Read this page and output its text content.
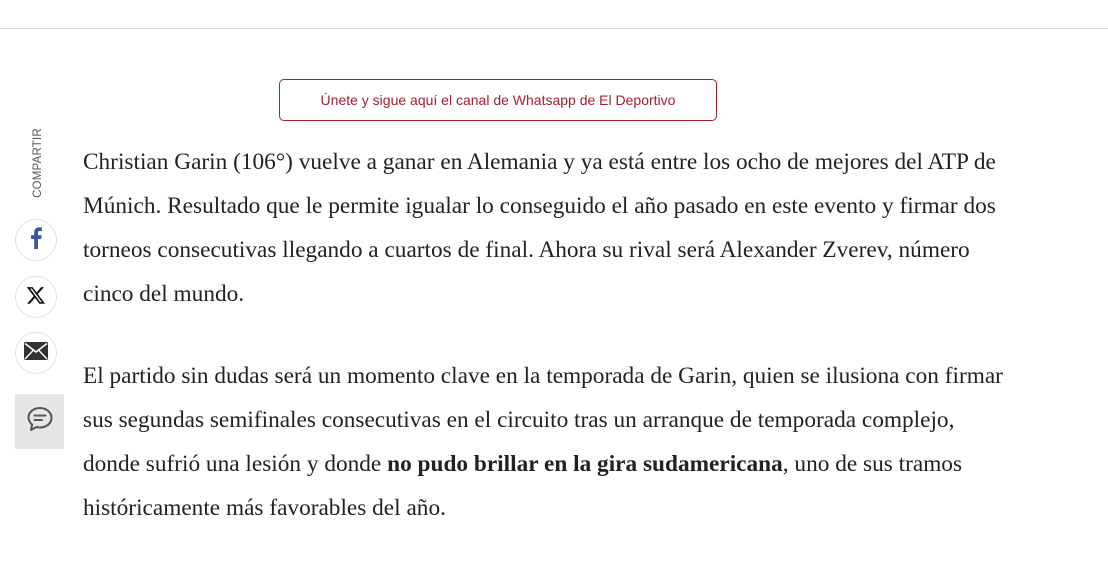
Únete y sigue aquí el canal de Whatsapp de El Deportivo
COMPARTIR Christian Garin (106°) vuelve a ganar en Alemania y ya está entre los ocho de mejores del ATP de Múnich. Resultado que le permite igualar lo conseguido el año pasado en este evento y firmar dos torneos consecutivas llegando a cuartos de final. Ahora su rival será Alexander Zverev, número cinco del mundo.

El partido sin dudas será un momento clave en la temporada de Garin, quien se ilusiona con firmar sus segundas semifinales consecutivas en el circuito tras un arranque de temporada complejo, donde sufrió una lesión y donde no pudo brillar en la gira sudamericana, uno de sus tramos históricamente más favorables del año.
